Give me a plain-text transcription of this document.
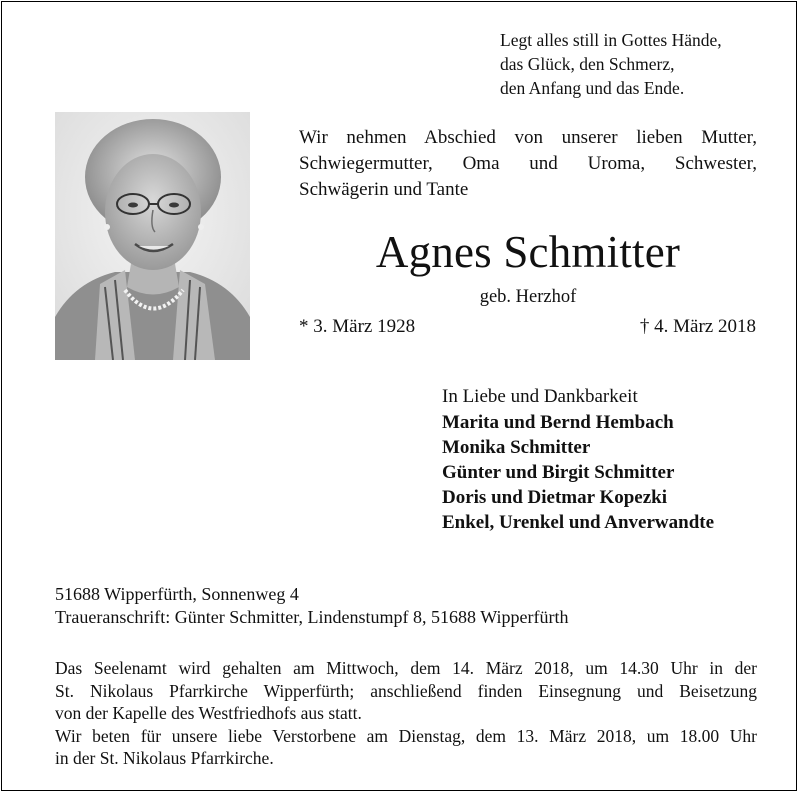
Legt alles still in Gottes Hände,
das Glück, den Schmerz,
den Anfang und das Ende.
Wir nehmen Abschied von unserer lieben Mutter,
Schwiegermutter, Oma und Uroma, Schwester,
Schwägerin und Tante
Agnes Schmitter
geb. Herzhof
* 3. März 1928	† 4. März 2018
In Liebe und Dankbarkeit
Marita und Bernd Hembach
Monika Schmitter
Günter und Birgit Schmitter
Doris und Dietmar Kopezki
Enkel, Urenkel und Anverwandte
51688 Wipperfürth, Sonnenweg 4
Traueranschrift: Günter Schmitter, Lindenstumpf 8, 51688 Wipperfürth
Das Seelenamt wird gehalten am Mittwoch, dem 14. März 2018, um 14.30 Uhr in der
St. Nikolaus Pfarrkirche Wipperfürth; anschließend finden Einsegnung und Beisetzung
von der Kapelle des Westfriedhofs aus statt.
Wir beten für unsere liebe Verstorbene am Dienstag, dem 13. März 2018, um 18.00 Uhr
in der St. Nikolaus Pfarrkirche.
